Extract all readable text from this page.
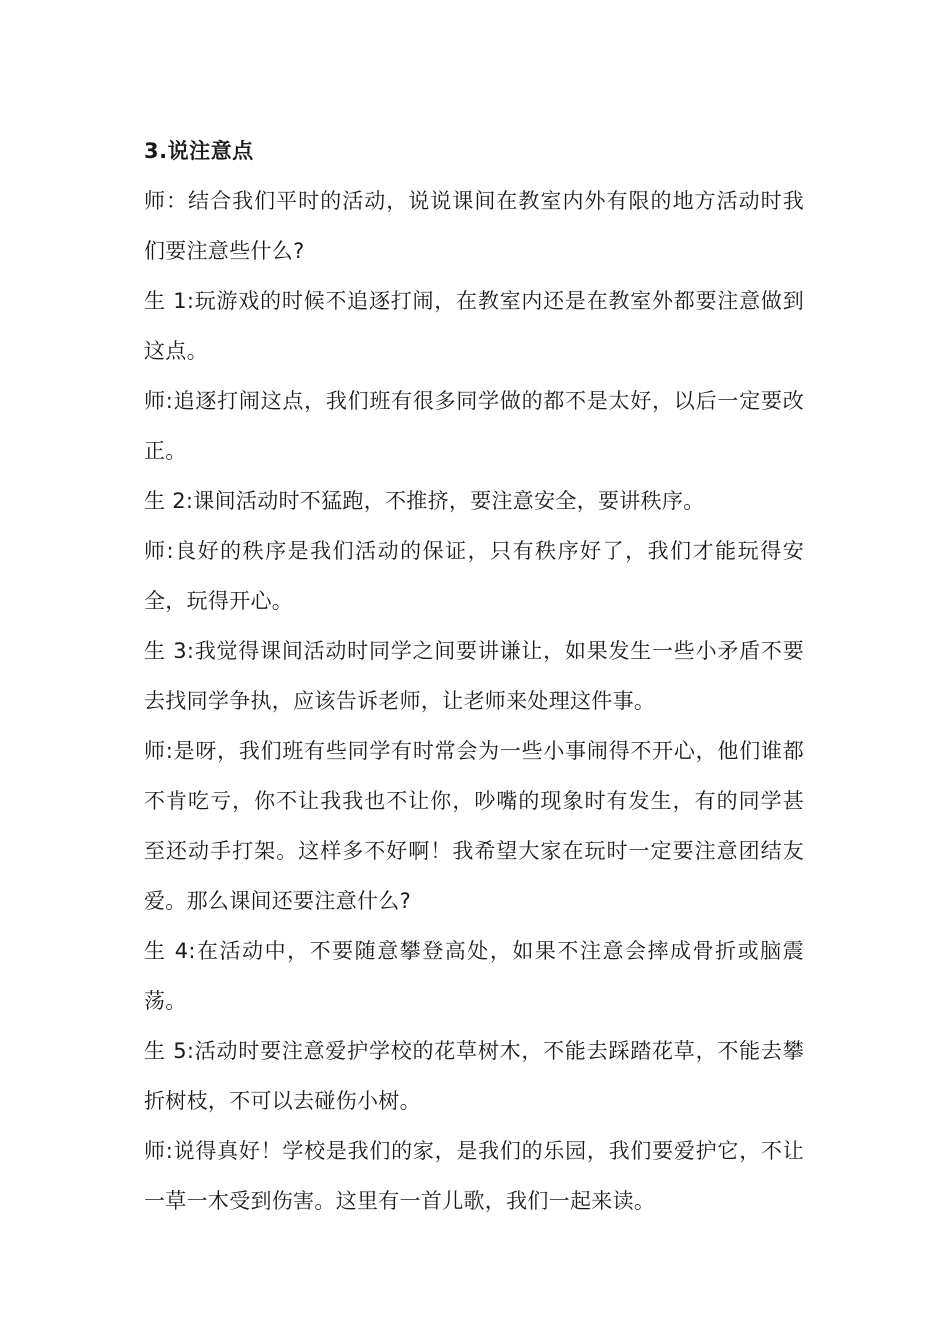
3.说注意点

师：结合我们平时的活动，说说课间在教室内外有限的地方活动时我们要注意些什么?

生 1:玩游戏的时候不追逐打闹，在教室内还是在教室外都要注意做到这点。

师:追逐打闹这点，我们班有很多同学做的都不是太好，以后一定要改正。

生 2:课间活动时不猛跑，不推挤，要注意安全，要讲秩序。

师:良好的秩序是我们活动的保证，只有秩序好了，我们才能玩得安全，玩得开心。

生 3:我觉得课间活动时同学之间要讲谦让，如果发生一些小矛盾不要去找同学争执，应该告诉老师，让老师来处理这件事。

师:是呀，我们班有些同学有时常会为一些小事闹得不开心，他们谁都不肯吃亏，你不让我我也不让你，吵嘴的现象时有发生，有的同学甚至还动手打架。这样多不好啊！我希望大家在玩时一定要注意团结友爱。那么课间还要注意什么?

生 4:在活动中，不要随意攀登高处，如果不注意会摔成骨折或脑震荡。

生 5:活动时要注意爱护学校的花草树木，不能去踩踏花草，不能去攀折树枝，不可以去碰伤小树。

师:说得真好！学校是我们的家，是我们的乐园，我们要爱护它，不让一草一木受到伤害。这里有一首儿歌，我们一起来读。
